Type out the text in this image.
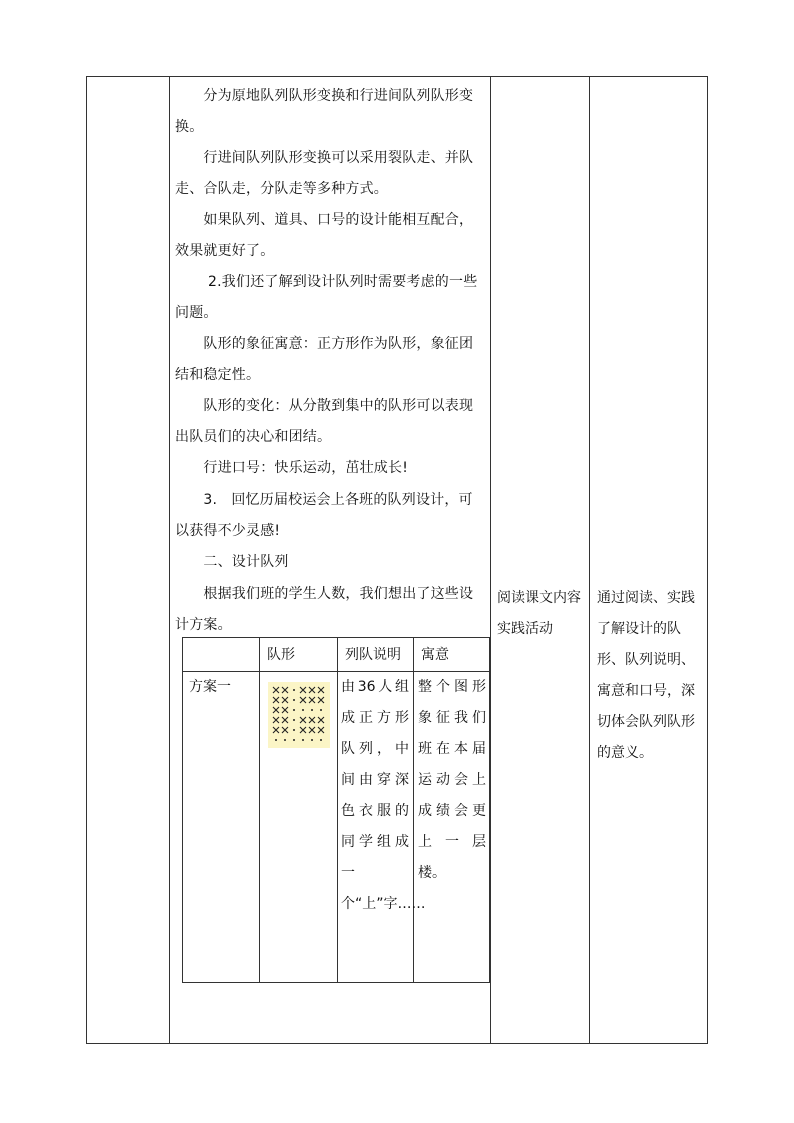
　　分为原地队列队形变换和行进间队列队形变换。

　　行进间队列队形变换可以采用裂队走、并队走、合队走，分队走等多种方式。

　　如果队列、道具、口号的设计能相互配合，效果就更好了。

　　 2.我们还了解到设计队列时需要考虑的一些问题。

　　队形的象征寓意：正方形作为队形，象征团结和稳定性。

　　队形的变化：从分散到集中的队形可以表现出队员们的决心和团结。

　　行进口号：快乐运动，茁壮成长!

　　3.　回忆历届校运会上各班的队列设计，可以获得不少灵感!

　　二、设计队列

　　根据我们班的学生人数，我们想出了这些设计方案。

阅读课文内容实践活动
通过阅读、实践了解设计的队形、队列说明、寓意和口号，深切体会队列队形的意义。
队形	列队说明 寓意
方案一	由36人组成正方形队列，中间由穿深色衣服的同学组成一个“上”字……
整个图形象征我们班在本届运动会上成绩会更上一层楼。
